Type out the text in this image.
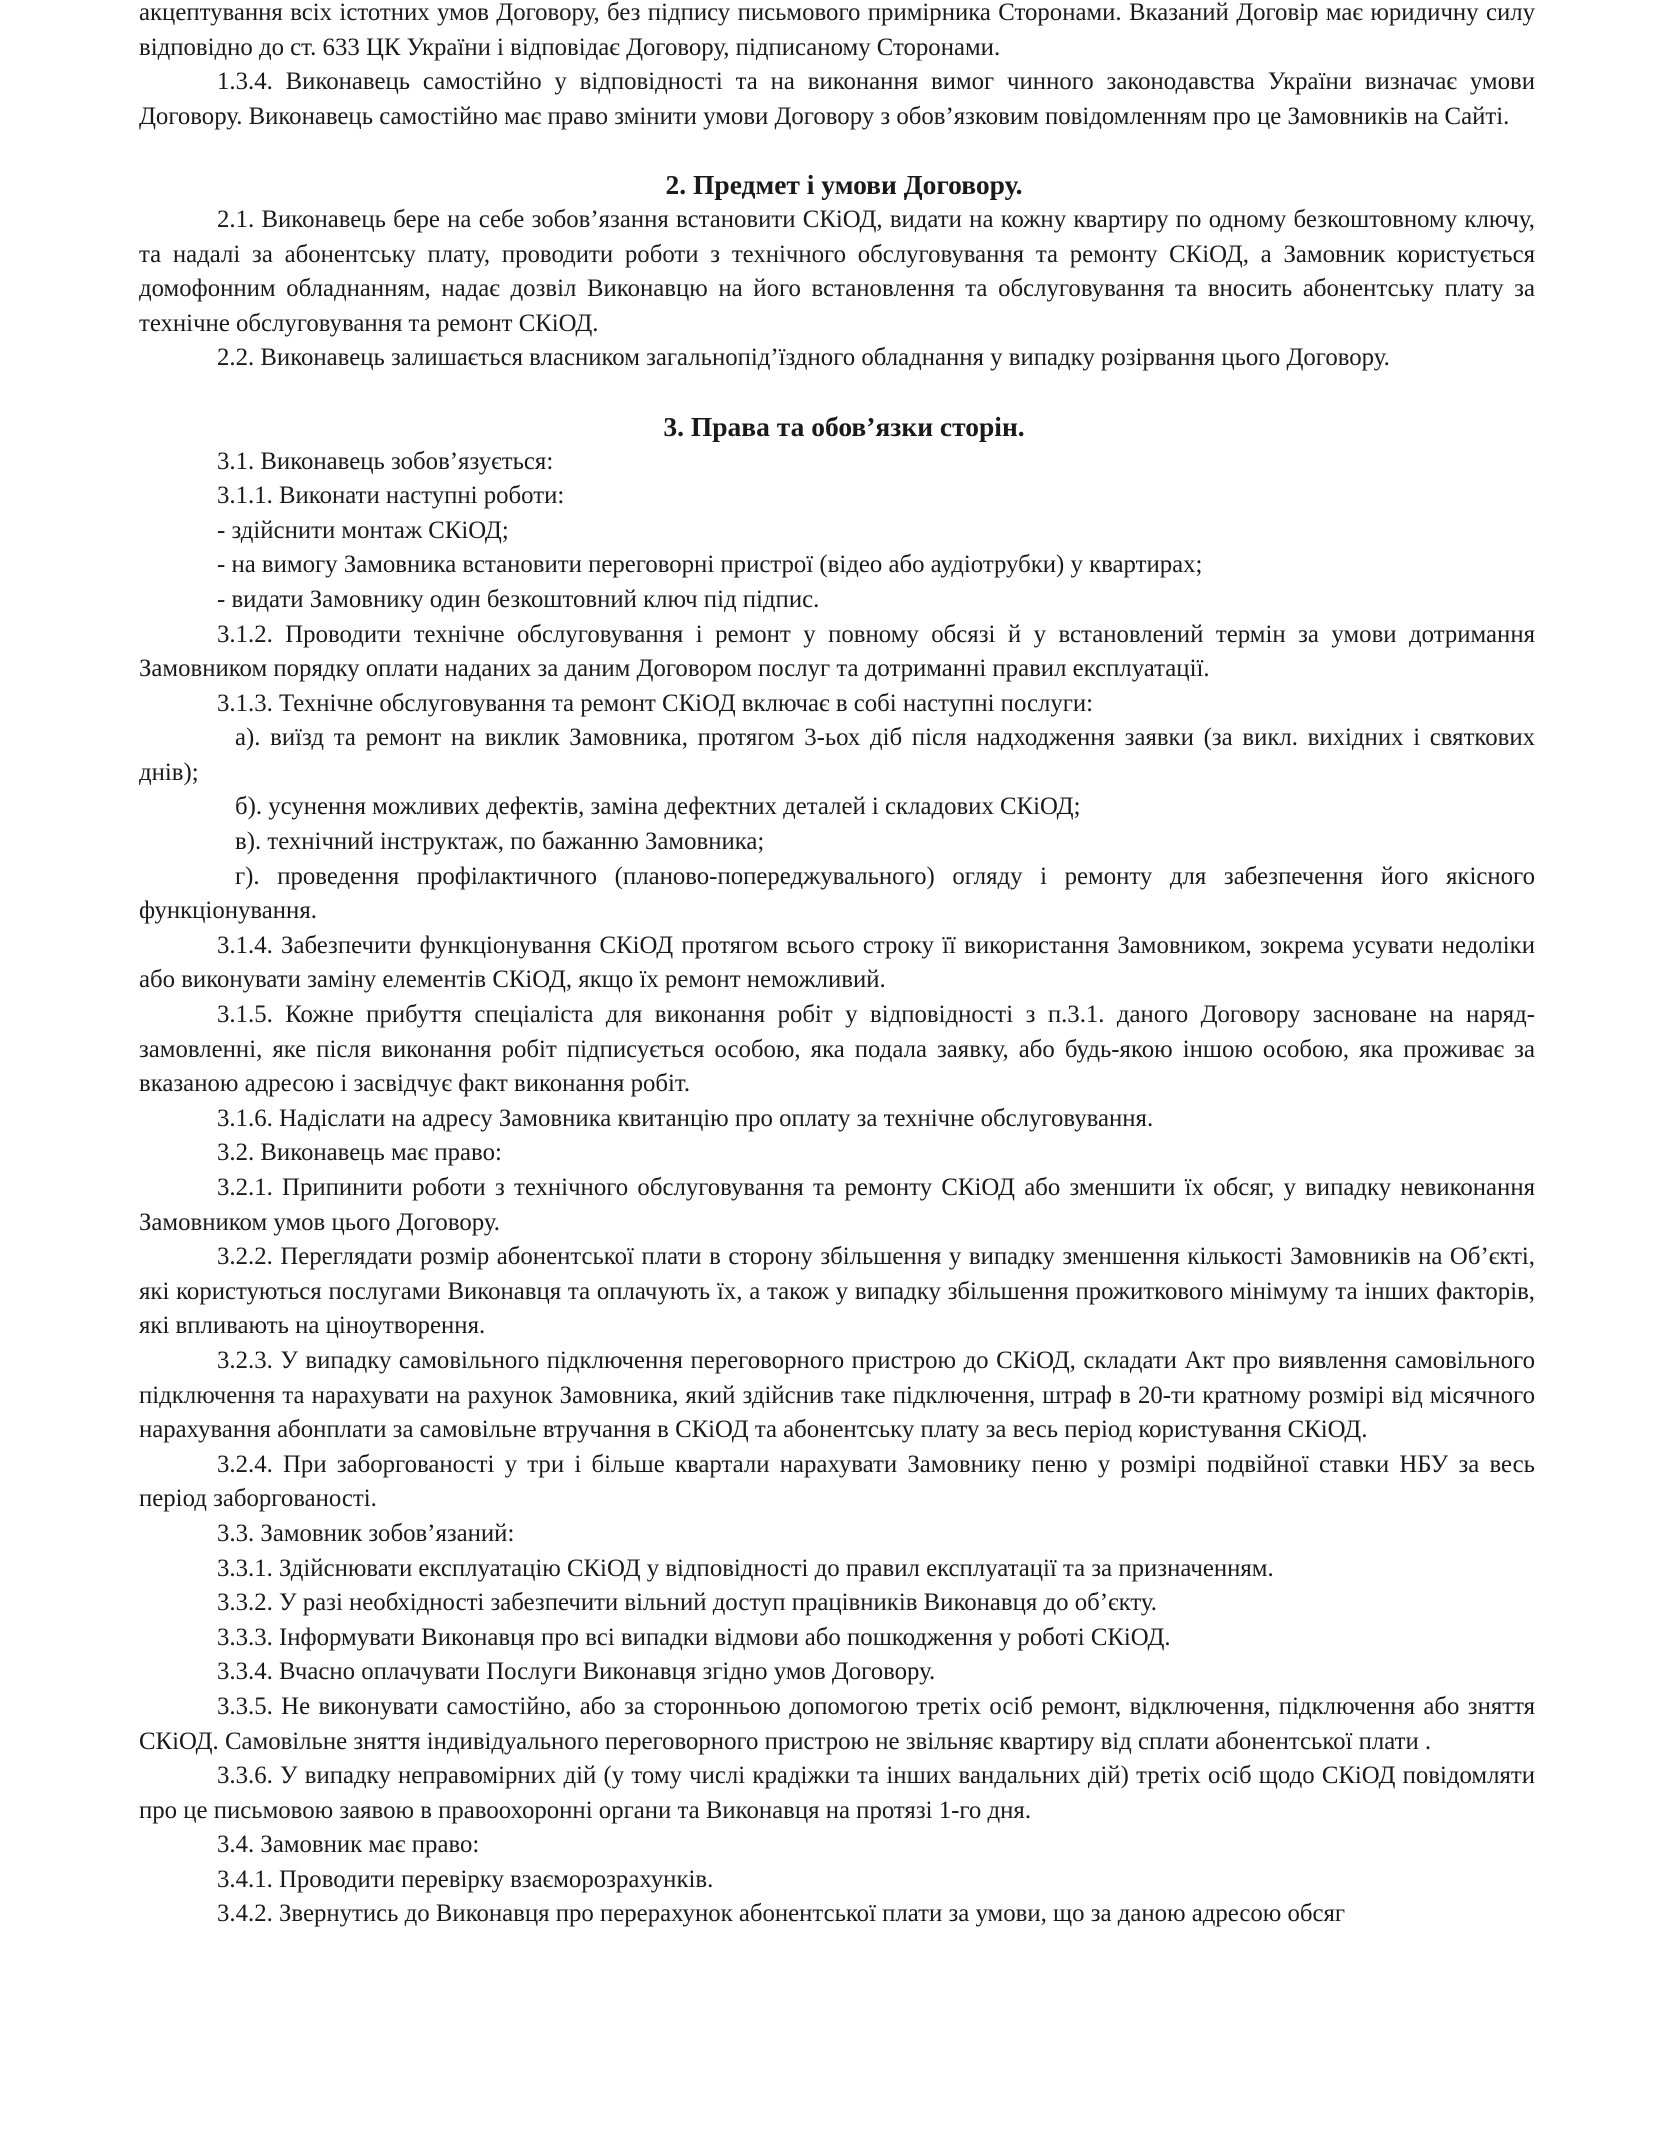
акцептування всіх істотних умов Договору, без підпису письмового примірника Сторонами. Вказаний Договір має юридичну силу відповідно до ст. 633 ЦК України і відповідає Договору, підписаному Сторонами.

1.3.4. Виконавець самостійно у відповідності та на виконання вимог чинного законодавства України визначає умови Договору. Виконавець самостійно має право змінити умови Договору з обов’язковим повідомленням про це Замовників на Сайті.

2. Предмет і умови Договору.

2.1. Виконавець бере на себе зобов’язання встановити СКіОД, видати на кожну квартиру по одному безкоштовному ключу, та надалі за абонентську плату, проводити роботи з технічного обслуговування та ремонту СКіОД, а Замовник користується домофонним обладнанням, надає дозвіл Виконавцю на його встановлення та обслуговування та вносить абонентську плату за технічне обслуговування та ремонт СКіОД.

2.2. Виконавець залишається власником загальнопід’їздного обладнання у випадку розірвання цього Договору.

3. Права та обов’язки сторін.

3.1. Виконавець зобов’язується:

3.1.1. Виконати наступні роботи:

- здійснити монтаж СКіОД;

- на вимогу Замовника встановити переговорні пристрої (відео або аудіотрубки) у квартирах;

- видати Замовнику один безкоштовний ключ під підпис.

3.1.2. Проводити технічне обслуговування і ремонт у повному обсязі й у встановлений термін за умови дотримання Замовником порядку оплати наданих за даним Договором послуг та дотриманні правил експлуатації.

3.1.3. Технічне обслуговування та ремонт СКіОД включає в собі наступні послуги:

а). виїзд та ремонт на виклик Замовника, протягом 3-ьох діб після надходження заявки (за викл. вихідних і святкових днів);

б). усунення можливих дефектів, заміна дефектних деталей і складових СКіОД;

в). технічний інструктаж, по бажанню Замовника;

г). проведення профілактичного (планово-попереджувального) огляду і ремонту для забезпечення його якісного функціонування.

3.1.4. Забезпечити функціонування СКіОД протягом всього строку її використання Замовником, зокрема усувати недоліки або виконувати заміну елементів СКіОД, якщо їх ремонт неможливий.

3.1.5. Кожне прибуття спеціаліста для виконання робіт у відповідності з п.3.1. даного Договору засноване на наряд-замовленні, яке після виконання робіт підписується особою, яка подала заявку, або будь-якою іншою особою, яка проживає за вказаною адресою і засвідчує факт виконання робіт.

3.1.6. Надіслати на адресу Замовника квитанцію про оплату за технічне обслуговування.

3.2. Виконавець має право:

3.2.1. Припинити роботи з технічного обслуговування та ремонту СКіОД або зменшити їх обсяг, у випадку невиконання Замовником умов цього Договору.

3.2.2. Переглядати розмір абонентської плати в сторону збільшення у випадку зменшення кількості Замовників на Об’єкті, які користуються послугами Виконавця та оплачують їх, а також у випадку збільшення прожиткового мінімуму та інших факторів, які впливають на ціноутворення.

3.2.3. У випадку самовільного підключення переговорного пристрою до СКіОД, складати Акт про виявлення самовільного підключення та нарахувати на рахунок Замовника, який здійснив таке підключення, штраф в 20-ти кратному розмірі від місячного нарахування абонплати за самовільне втручання в СКіОД та абонентську плату за весь період користування СКіОД.

3.2.4. При заборгованості у три і більше квартали нарахувати Замовнику пеню у розмірі подвійної ставки НБУ за весь період заборгованості.

3.3. Замовник зобов’язаний:

3.3.1. Здійснювати експлуатацію СКіОД у відповідності до правил експлуатації та за призначенням.

3.3.2. У разі необхідності забезпечити вільний доступ працівників Виконавця до об’єкту.

3.3.3. Інформувати Виконавця про всі випадки відмови або пошкодження у роботі СКіОД.

3.3.4. Вчасно оплачувати Послуги Виконавця згідно умов Договору.

3.3.5. Не виконувати самостійно, або за сторонньою допомогою третіх осіб ремонт, відключення, підключення або зняття СКіОД. Самовільне зняття індивідуального переговорного пристрою не звільняє квартиру від сплати абонентської плати .

3.3.6. У випадку неправомірних дій (у тому числі крадіжки та інших вандальних дій) третіх осіб щодо СКіОД повідомляти про це письмовою заявою в правоохоронні органи та Виконавця на протязі 1-го дня.

3.4. Замовник має право:

3.4.1. Проводити перевірку взаєморозрахунків.

3.4.2. Звернутись до Виконавця про перерахунок абонентської плати за умови, що за даною адресою обсяг
